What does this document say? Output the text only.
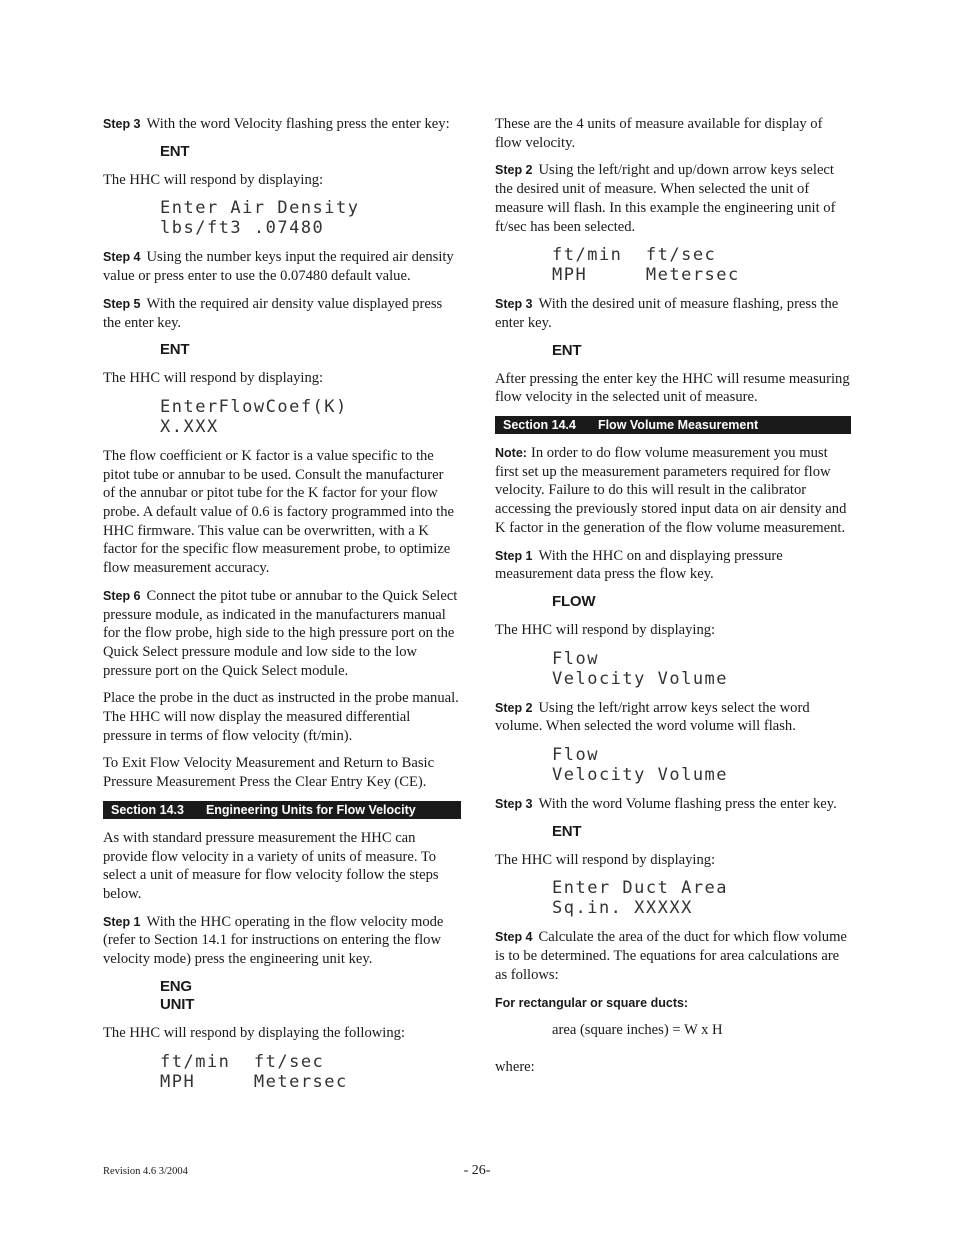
Step 3 With the word Velocity flashing press the enter key:

ENT

The HHC will respond by displaying:

Enter Air Density
lbs/ft3 .07480

Step 4 Using the number keys input the required air density value or press enter to use the 0.07480 default value.

Step 5 With the required air density value displayed press the enter key.

ENT

The HHC will respond by displaying:

EnterFlowCoef(K)
X.XXX

The flow coefficient or K factor is a value specific to the pitot tube or annubar to be used. Consult the manufacturer of the annubar or pitot tube for the K factor for your flow probe. A default value of 0.6 is factory programmed into the HHC firmware. This value can be overwritten, with a K factor for the specific flow measurement probe, to optimize flow measurement accuracy.

Step 6 Connect the pitot tube or annubar to the Quick Select pressure module, as indicated in the manufacturers manual for the flow probe, high side to the high pressure port on the Quick Select pressure module and low side to the low pressure port on the Quick Select module.

Place the probe in the duct as instructed in the probe manual. The HHC will now display the measured differential pressure in terms of flow velocity (ft/min).

To Exit Flow Velocity Measurement and Return to Basic Pressure Measurement Press the Clear Entry Key (CE).

Section 14.3 Engineering Units for Flow Velocity

As with standard pressure measurement the HHC can provide flow velocity in a variety of units of measure. To select a unit of measure for flow velocity follow the steps below.

Step 1 With the HHC operating in the flow velocity mode (refer to Section 14.1 for instructions on entering the flow velocity mode) press the engineering unit key.

ENG
UNIT

The HHC will respond by displaying the following:

ft/min  ft/sec
MPH     Metersec

These are the 4 units of measure available for display of flow velocity.

Step 2 Using the left/right and up/down arrow keys select the desired unit of measure. When selected the unit of measure will flash. In this example the engineering unit of ft/sec has been selected.

ft/min  ft/sec
MPH     Metersec

Step 3 With the desired unit of measure flashing, press the enter key.

ENT

After pressing the enter key the HHC will resume measuring flow velocity in the selected unit of measure.

Section 14.4 Flow Volume Measurement

Note: In order to do flow volume measurement you must first set up the measurement parameters required for flow velocity. Failure to do this will result in the calibrator accessing the previously stored input data on air density and K factor in the generation of the flow volume measurement.

Step 1 With the HHC on and displaying pressure measurement data press the flow key.

FLOW

The HHC will respond by displaying:

Flow
Velocity Volume

Step 2 Using the left/right arrow keys select the word volume. When selected the word volume will flash.

Flow
Velocity Volume

Step 3 With the word Volume flashing press the enter key.

ENT

The HHC will respond by displaying:

Enter Duct Area
Sq.in. XXXXX

Step 4 Calculate the area of the duct for which flow volume is to be determined. The equations for area calculations are as follows:

For rectangular or square ducts:

area (square inches) = W x H

where:

Revision 4.6 3/2004	- 26-
